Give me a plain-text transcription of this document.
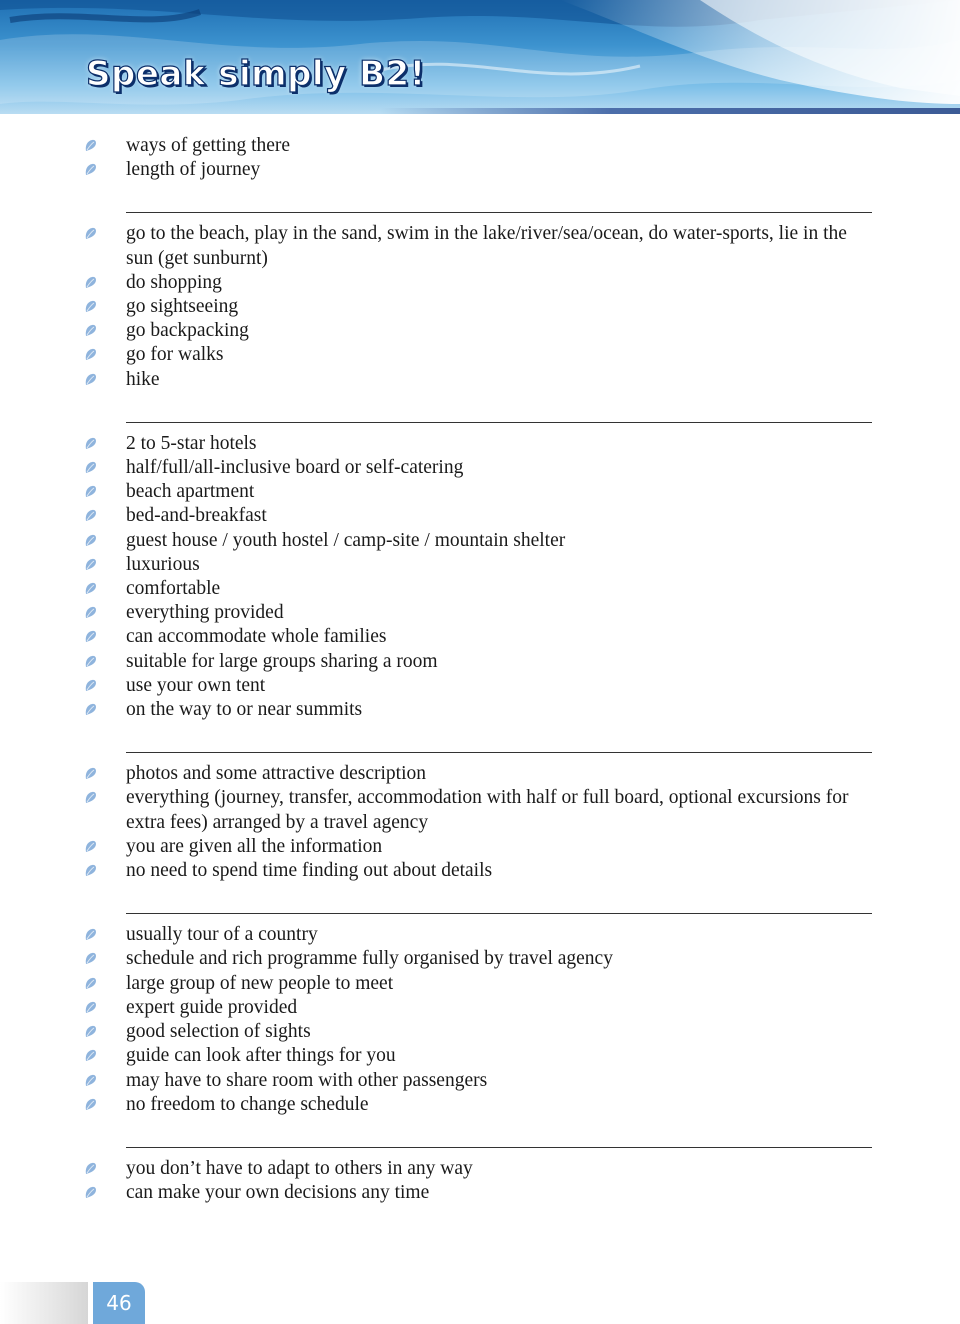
Speak simply B2!
ways of getting there
length of journey
go to the beach, play in the sand, swim in the lake/river/sea/ocean, do water-sports, lie in the sun (get sunburnt)
do shopping
go sightseeing
go backpacking
go for walks
hike
2 to 5-star hotels
half/full/all-inclusive board or self-catering
beach apartment
bed-and-breakfast
guest house / youth hostel / camp-site / mountain shelter
luxurious
comfortable
everything provided
can accommodate whole families
suitable for large groups sharing a room
use your own tent
on the way to or near summits
photos and some attractive description
everything (journey, transfer, accommodation with half or full board, optional excursions for extra fees) arranged by a travel agency
you are given all the information
no need to spend time finding out about details
usually tour of a country
schedule and rich programme fully organised by travel agency
large group of new people to meet
expert guide provided
good selection of sights
guide can look after things for you
may have to share room with other passengers
no freedom to change schedule
you don’t have to adapt to others in any way
can make your own decisions any time
46
